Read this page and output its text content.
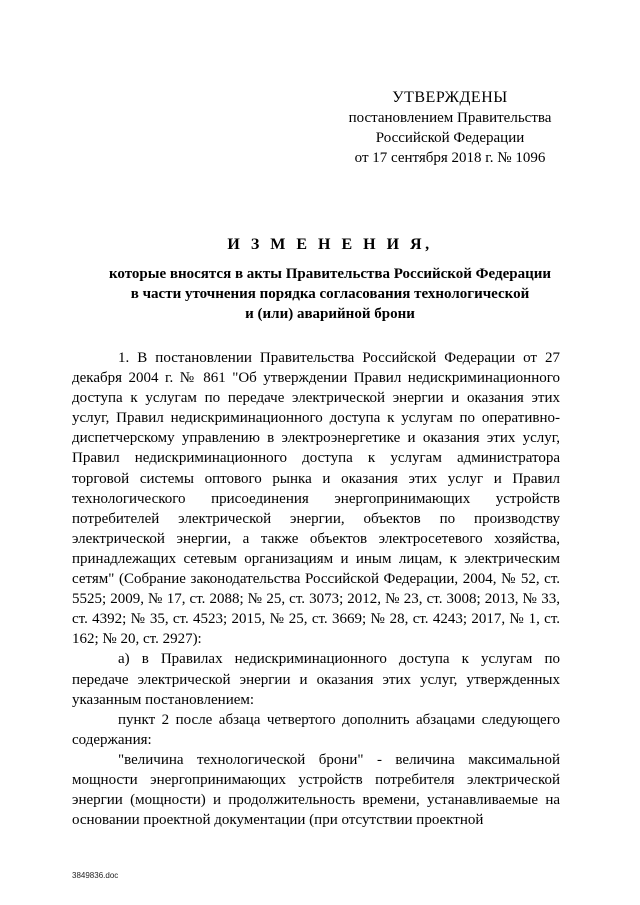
УТВЕРЖДЕНЫ
постановлением Правительства
Российской Федерации
от 17 сентября 2018 г. № 1096
И З М Е Н Е Н И Я,
которые вносятся в акты Правительства Российской Федерации
в части уточнения порядка согласования технологической
и (или) аварийной брони

1. В постановлении Правительства Российской Федерации от 27 декабря 2004 г. № 861 "Об утверждении Правил недискриминационного доступа к услугам по передаче электрической энергии и оказания этих услуг, Правил недискриминационного доступа к услугам по оперативно-диспетчерскому управлению в электроэнергетике и оказания этих услуг, Правил недискриминационного доступа к услугам администратора торговой системы оптового рынка и оказания этих услуг и Правил технологического присоединения энергопринимающих устройств потребителей электрической энергии, объектов по производству электрической энергии, а также объектов электросетевого хозяйства, принадлежащих сетевым организациям и иным лицам, к электрическим сетям" (Собрание законодательства Российской Федерации, 2004, № 52, ст. 5525; 2009, № 17, ст. 2088; № 25, ст. 3073; 2012, № 23, ст. 3008; 2013, № 33, ст. 4392; № 35, ст. 4523; 2015, № 25, ст. 3669; № 28, ст. 4243; 2017, № 1, ст. 162; № 20, ст. 2927):

а) в Правилах недискриминационного доступа к услугам по передаче электрической энергии и оказания этих услуг, утвержденных указанным постановлением:

пункт 2 после абзаца четвертого дополнить абзацами следующего содержания:

"величина технологической брони" - величина максимальной мощности энергопринимающих устройств потребителя электрической энергии (мощности) и продолжительность времени, устанавливаемые на основании проектной документации (при отсутствии проектной

3849836.doc
